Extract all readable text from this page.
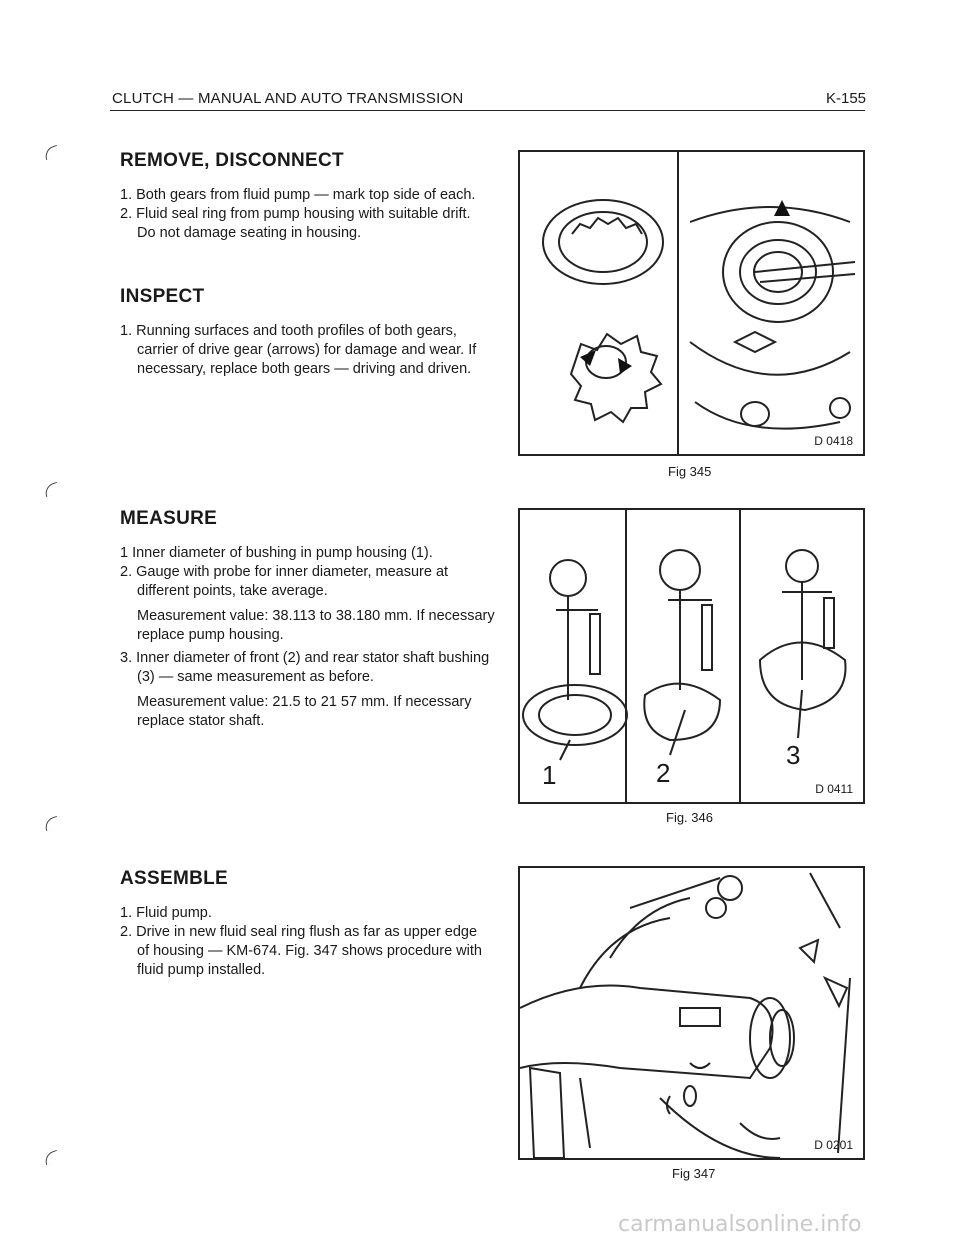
CLUTCH — MANUAL AND AUTO TRANSMISSION	K-155
REMOVE, DISCONNECT
1. Both gears from fluid pump — mark top side of each.
2. Fluid seal ring from pump housing with suitable drift. Do not damage seating in housing.
INSPECT
1. Running surfaces and tooth profiles of both gears, carrier of drive gear (arrows) for damage and wear. If necessary, replace both gears — driving and driven.
MEASURE
1 Inner diameter of bushing in pump housing (1).
2. Gauge with probe for inner diameter, measure at different points, take average.
Measurement value: 38.113 to 38.180 mm. If necessary replace pump housing.
3. Inner diameter of front (2) and rear stator shaft bushing (3) — same measurement as before.
Measurement value: 21.5 to 21 57 mm. If necessary replace stator shaft.
ASSEMBLE
1. Fluid pump.
2. Drive in new fluid seal ring flush as far as upper edge of housing — KM-674. Fig. 347 shows procedure with fluid pump installed.
D 0418
Fig 345
1	2
3
D 0411
Fig. 346
D 0201
Fig 347
carmanualsonline.info
